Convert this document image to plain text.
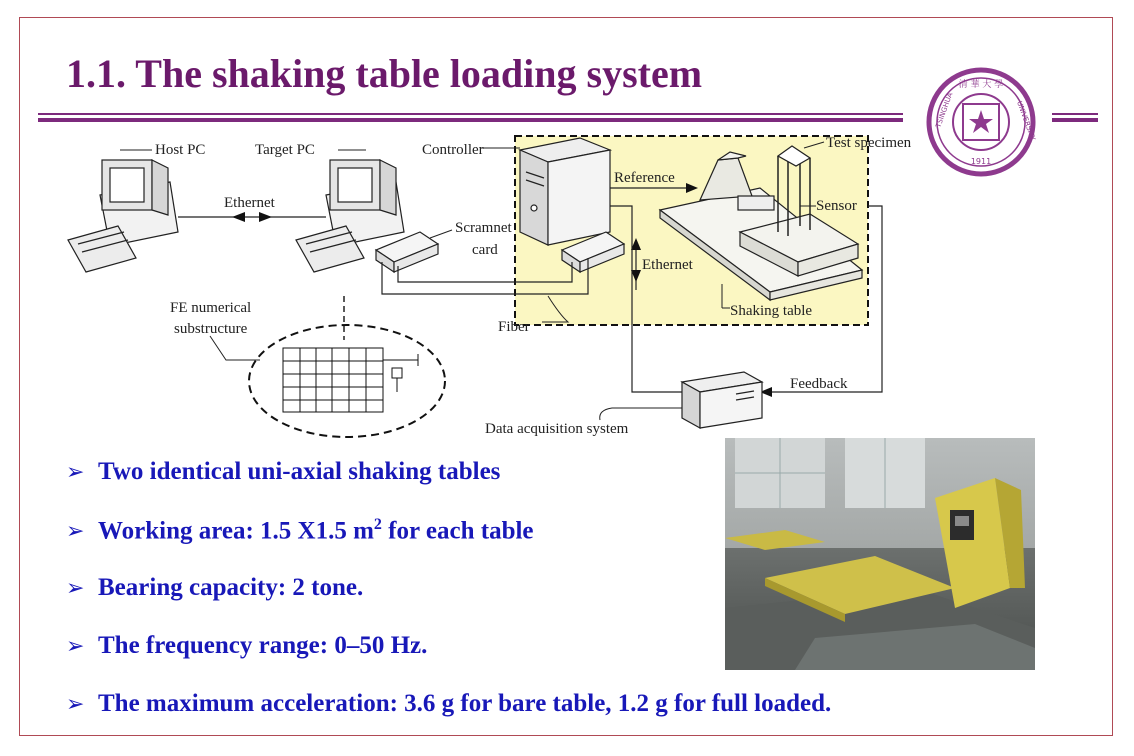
1.1. The shaking table loading system	清 華 大 學
1911
TSINGHUA	UNIVERSITY
Host PC	Target PC
Ethernet
Scramnet
card
Controller
Fiber
Reference
Test specimen
Sensor
Shaking table
Ethernet
Feedback
Data acquisition system
FE numerical
substructure
➢ Two identical uni-axial shaking tables
➢ Working area: 1.5 X1.5 $m^2$ for each table
➢ Bearing capacity: 2 tone.
➢ The frequency range: 0–50 Hz.
➢ The maximum acceleration: 3.6 g for bare table, 1.2 g for full loaded.
